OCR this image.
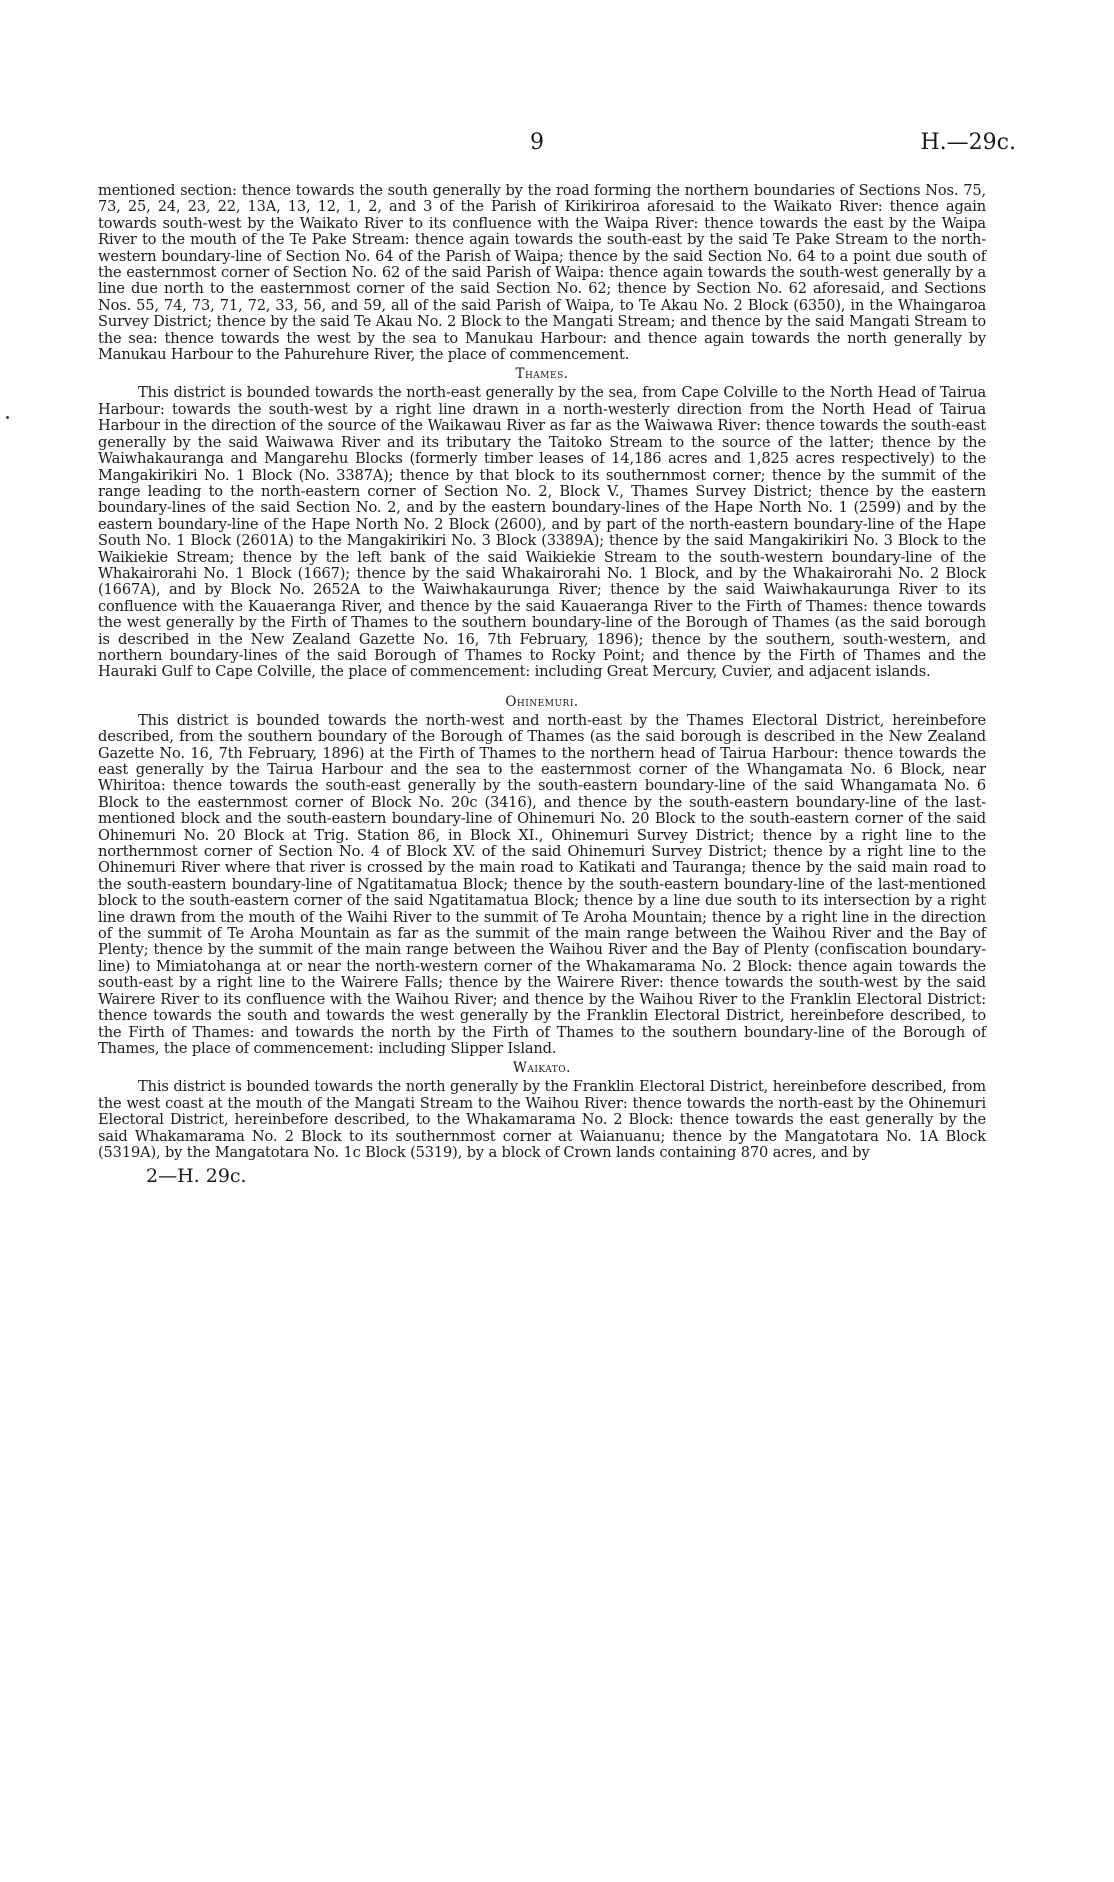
9	H.—29c.

mentioned section: thence towards the south generally by the road forming the northern boundaries of Sections Nos. 75, 73, 25, 24, 23, 22, 13A, 13, 12, 1, 2, and 3 of the Parish of Kirikiriroa aforesaid to the Waikato River: thence again towards south-west by the Waikato River to its confluence with the Waipa River: thence towards the east by the Waipa River to the mouth of the Te Pake Stream: thence again towards the south-east by the said Te Pake Stream to the north-western boundary-line of Section No. 64 of the Parish of Waipa; thence by the said Section No. 64 to a point due south of the easternmost corner of Section No. 62 of the said Parish of Waipa: thence again towards the south-west generally by a line due north to the easternmost corner of the said Section No. 62; thence by Section No. 62 aforesaid, and Sections Nos. 55, 74, 73, 71, 72, 33, 56, and 59, all of the said Parish of Waipa, to Te Akau No. 2 Block (6350), in the Whaingaroa Survey District; thence by the said Te Akau No. 2 Block to the Mangati Stream; and thence by the said Mangati Stream to the sea: thence towards the west by the sea to Manukau Harbour: and thence again towards the north generally by Manukau Harbour to the Pahurehure River, the place of commencement.

Thames.

This district is bounded towards the north-east generally by the sea, from Cape Colville to the North Head of Tairua Harbour: towards the south-west by a right line drawn in a north-westerly direction from the North Head of Tairua Harbour in the direction of the source of the Waikawau River as far as the Waiwawa River: thence towards the south-east generally by the said Waiwawa River and its tributary the Taitoko Stream to the source of the latter; thence by the Waiwhakauranga and Mangarehu Blocks (formerly timber leases of 14,186 acres and 1,825 acres respectively) to the Mangakirikiri No. 1 Block (No. 3387A); thence by that block to its southernmost corner; thence by the summit of the range leading to the north-eastern corner of Section No. 2, Block V., Thames Survey District; thence by the eastern boundary-lines of the said Section No. 2, and by the eastern boundary-lines of the Hape North No. 1 (2599) and by the eastern boundary-line of the Hape North No. 2 Block (2600), and by part of the north-eastern boundary-line of the Hape South No. 1 Block (2601A) to the Mangakirikiri No. 3 Block (3389A); thence by the said Mangakirikiri No. 3 Block to the Waikiekie Stream; thence by the left bank of the said Waikiekie Stream to the south-western boundary-line of the Whakairorahi No. 1 Block (1667); thence by the said Whakairorahi No. 1 Block, and by the Whakairorahi No. 2 Block (1667A), and by Block No. 2652A to the Waiwhakaurunga River; thence by the said Waiwhakaurunga River to its confluence with the Kauaeranga River, and thence by the said Kauaeranga River to the Firth of Thames: thence towards the west generally by the Firth of Thames to the southern boundary-line of the Borough of Thames (as the said borough is described in the New Zealand Gazette No. 16, 7th February, 1896); thence by the southern, south-western, and northern boundary-lines of the said Borough of Thames to Rocky Point; and thence by the Firth of Thames and the Hauraki Gulf to Cape Colville, the place of commencement: including Great Mercury, Cuvier, and adjacent islands.

Ohinemuri.

This district is bounded towards the north-west and north-east by the Thames Electoral District, hereinbefore described, from the southern boundary of the Borough of Thames (as the said borough is described in the New Zealand Gazette No. 16, 7th February, 1896) at the Firth of Thames to the northern head of Tairua Harbour: thence towards the east generally by the Tairua Harbour and the sea to the easternmost corner of the Whangamata No. 6 Block, near Whiritoa: thence towards the south-east generally by the south-eastern boundary-line of the said Whangamata No. 6 Block to the easternmost corner of Block No. 20c (3416), and thence by the south-eastern boundary-line of the last-mentioned block and the south-eastern boundary-line of Ohinemuri No. 20 Block to the south-eastern corner of the said Ohinemuri No. 20 Block at Trig. Station 86, in Block XI., Ohinemuri Survey District; thence by a right line to the northernmost corner of Section No. 4 of Block XV. of the said Ohinemuri Survey District; thence by a right line to the Ohinemuri River where that river is crossed by the main road to Katikati and Tauranga; thence by the said main road to the south-eastern boundary-line of Ngatitamatua Block; thence by the south-eastern boundary-line of the last-mentioned block to the south-eastern corner of the said Ngatitamatua Block; thence by a line due south to its intersection by a right line drawn from the mouth of the Waihi River to the summit of Te Aroha Mountain; thence by a right line in the direction of the summit of Te Aroha Mountain as far as the summit of the main range between the Waihou River and the Bay of Plenty; thence by the summit of the main range between the Waihou River and the Bay of Plenty (confiscation boundary-line) to Mimiatohanga at or near the north-western corner of the Whakamarama No. 2 Block: thence again towards the south-east by a right line to the Wairere Falls; thence by the Wairere River: thence towards the south-west by the said Wairere River to its confluence with the Waihou River; and thence by the Waihou River to the Franklin Electoral District: thence towards the south and towards the west generally by the Franklin Electoral District, hereinbefore described, to the Firth of Thames: and towards the north by the Firth of Thames to the southern boundary-line of the Borough of Thames, the place of commencement: including Slipper Island.

Waikato.

This district is bounded towards the north generally by the Franklin Electoral District, hereinbefore described, from the west coast at the mouth of the Mangati Stream to the Waihou River: thence towards the north-east by the Ohinemuri Electoral District, hereinbefore described, to the Whakamarama No. 2 Block: thence towards the east generally by the said Whakamarama No. 2 Block to its southernmost corner at Waianuanu; thence by the Mangatotara No. 1A Block (5319A), by the Mangatotara No. 1c Block (5319), by a block of Crown lands containing 870 acres, and by

2—H. 29c.
